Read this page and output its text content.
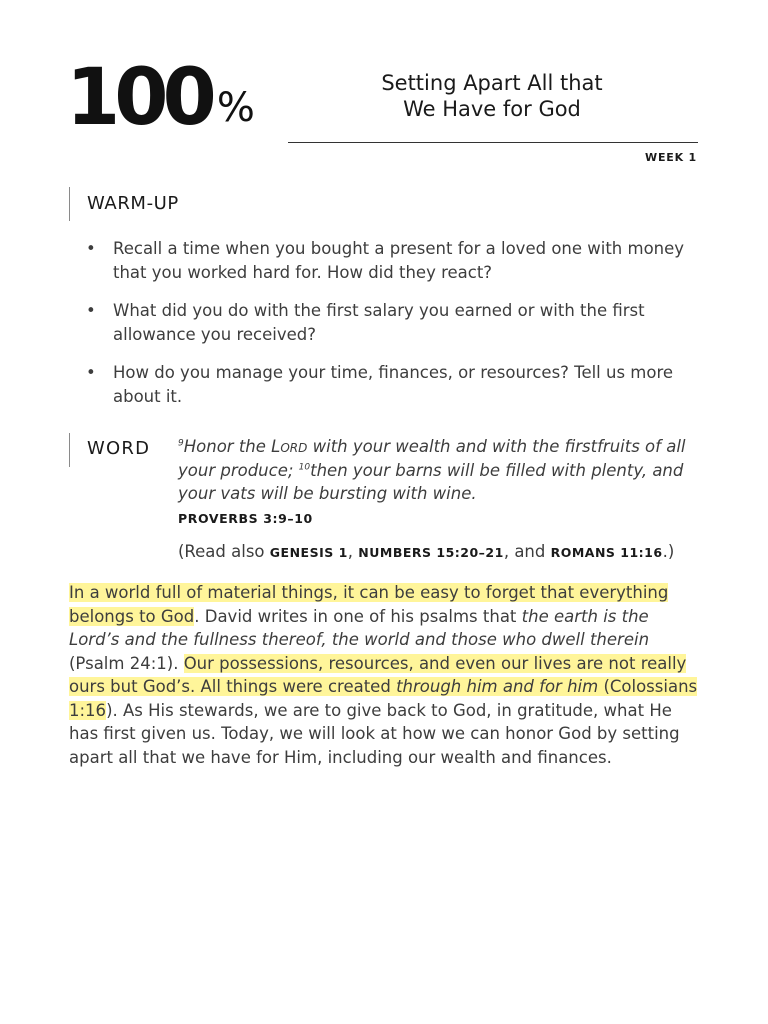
100 %
Setting Apart All that
We Have for God
WEEK 1
WARM-UP
• Recall a time when you bought a present for a loved one with money that you worked hard for. How did they react?
• What did you do with the first salary you earned or with the first allowance you received?
• How do you manage your time, finances, or resources? Tell us more about it.
WORD	$^9$Honor the Lord with your wealth and with the firstfruits of all your produce; $^{10}$then your barns will be filled with plenty, and your vats will be bursting with wine.
PROVERBS 3:9–10
(Read also GENESIS 1, NUMBERS 15:20–21, and ROMANS 11:16.)
In a world full of material things, it can be easy to forget that everything belongs to God. David writes in one of his psalms that the earth is the Lord’s and the fullness thereof, the world and those who dwell therein (Psalm 24:1). Our possessions, resources, and even our lives are not really ours but God’s. All things were created through him and for him (Colossians 1:16). As His stewards, we are to give back to God, in gratitude, what He has first given us. Today, we will look at how we can honor God by setting apart all that we have for Him, including our wealth and finances.
